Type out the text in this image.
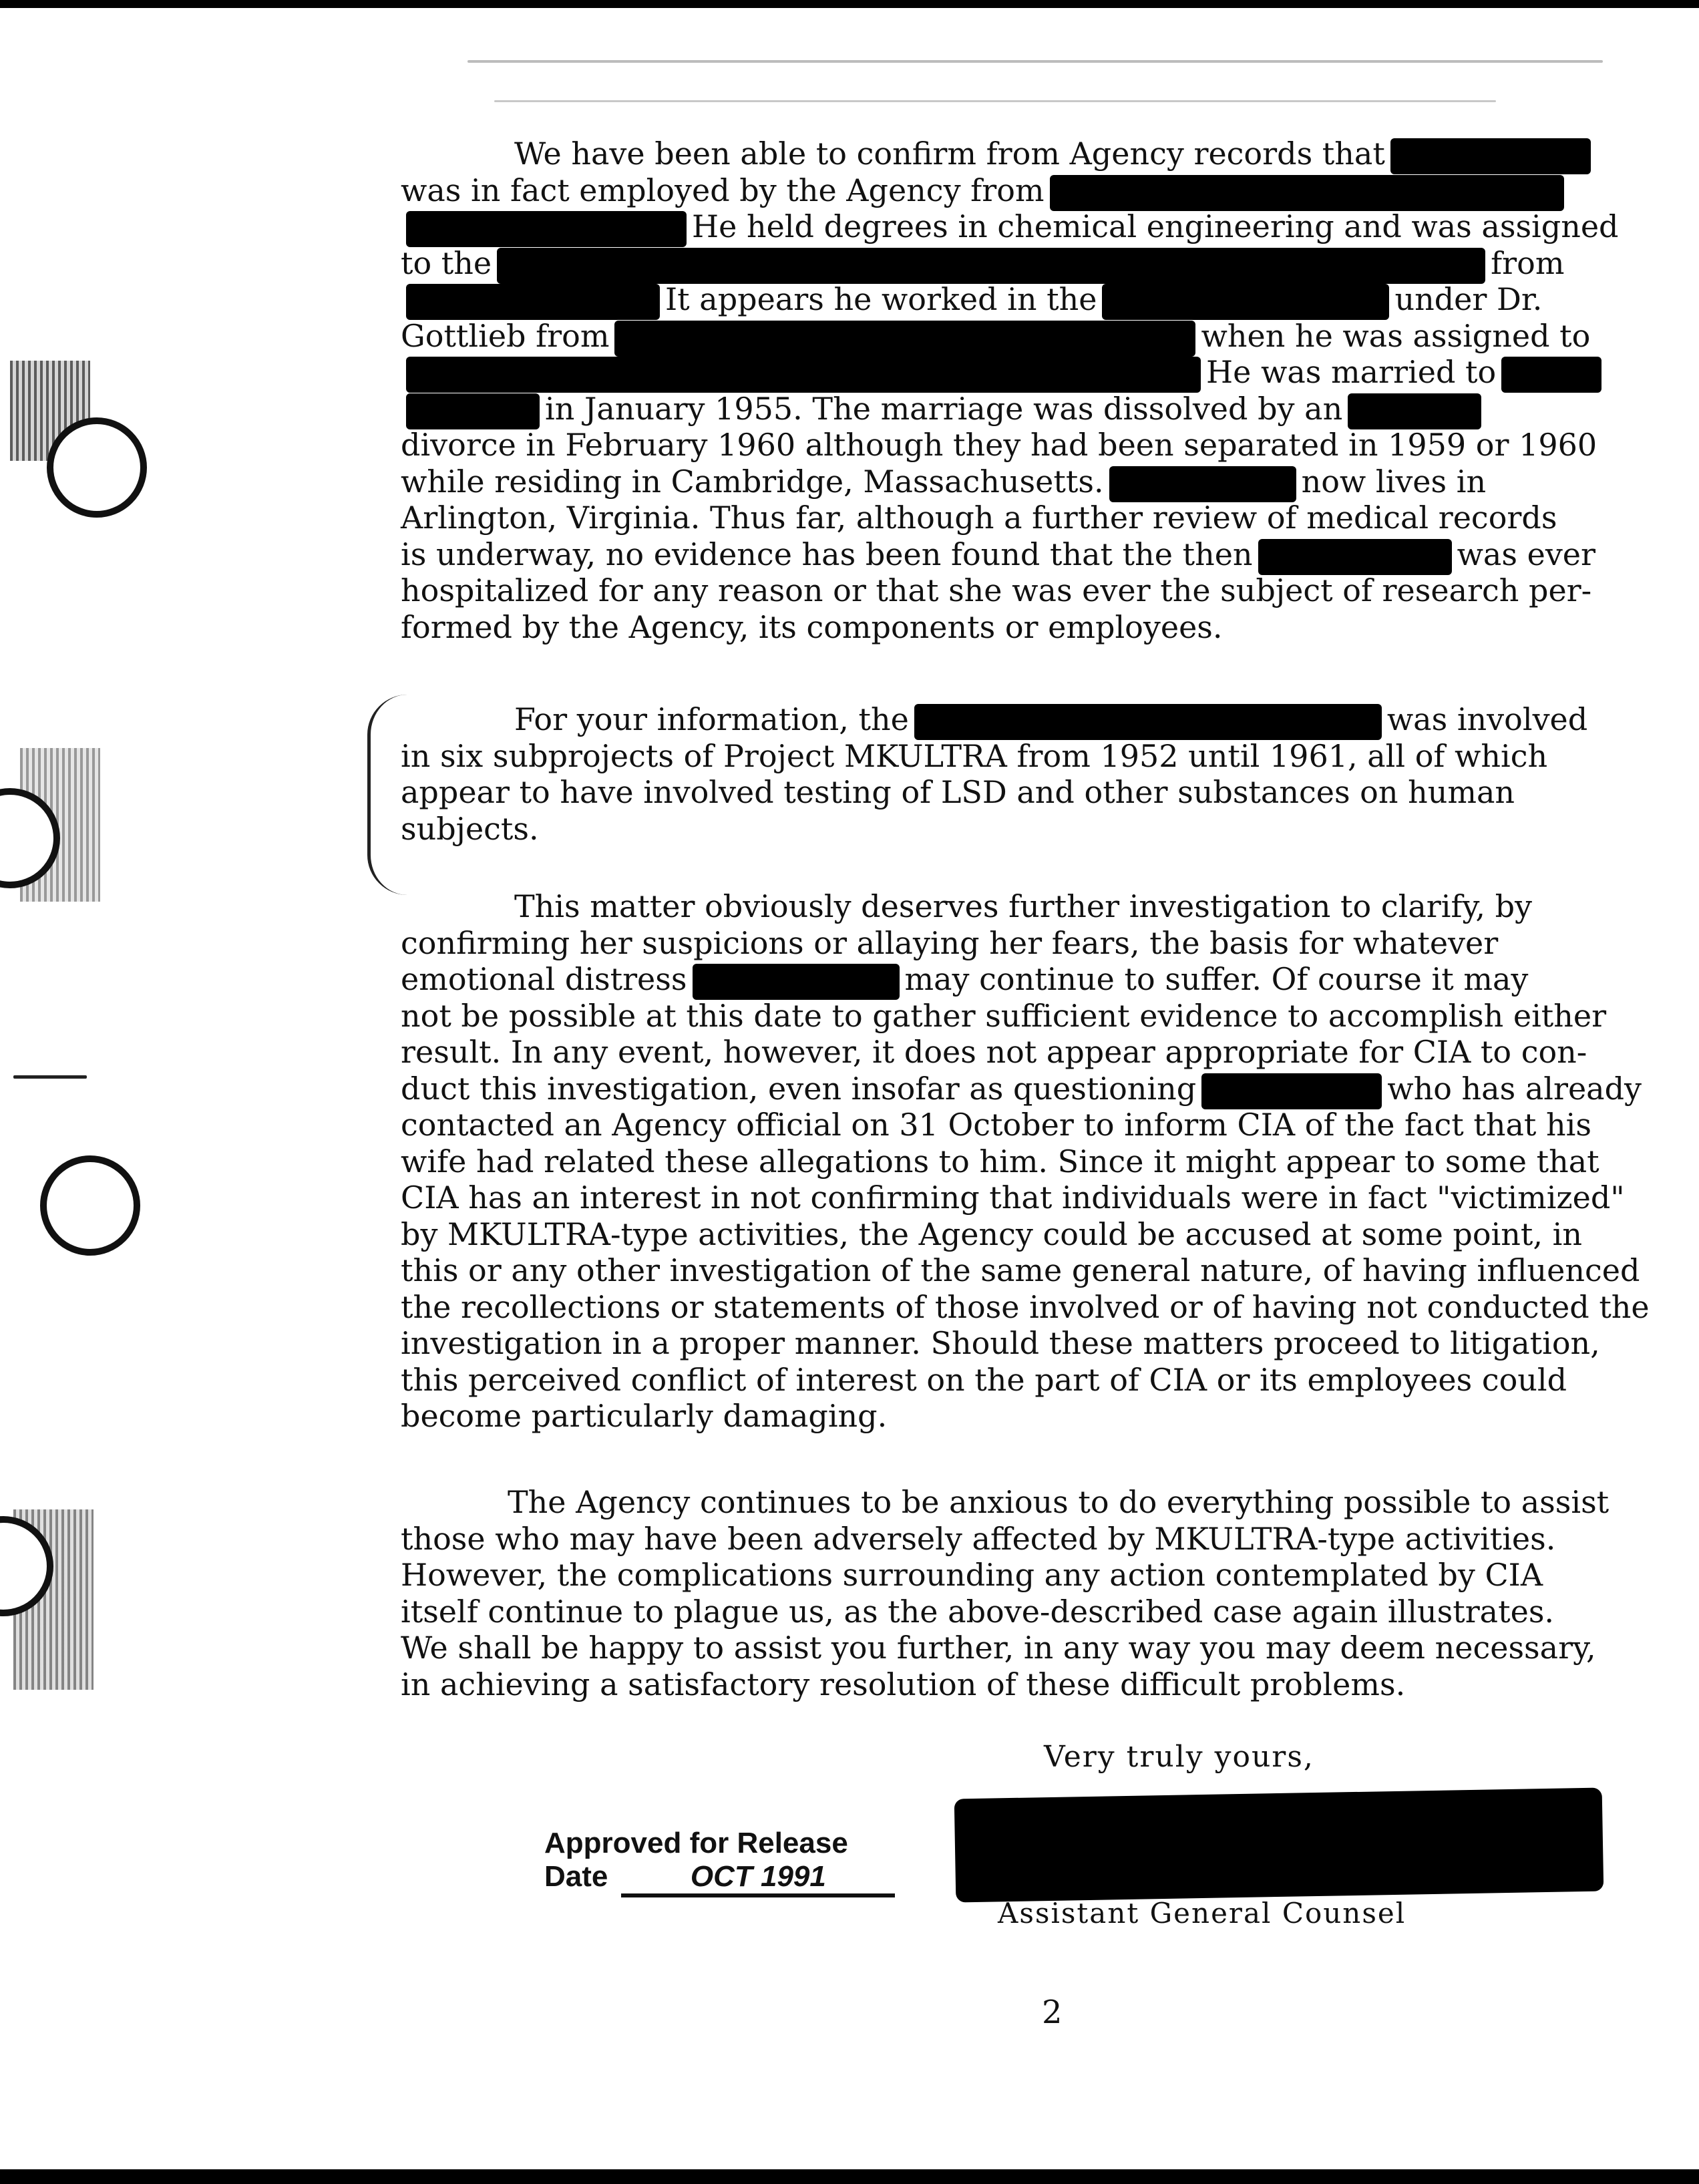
We have been able to confirm from Agency records that
was in fact employed by the Agency from
He held degrees in chemical engineering and was assigned
to the	from
It appears he worked in the	under Dr.
Gottlieb from	when he was assigned to
He was married to
in January 1955. The marriage was dissolved by an
divorce in February 1960 although they had been separated in 1959 or 1960
while residing in Cambridge, Massachusetts.	now lives in
Arlington, Virginia. Thus far, although a further review of medical records
is underway, no evidence has been found that the then	was ever
hospitalized for any reason or that she was ever the subject of research per-
formed by the Agency, its components or employees.
For your information, the	was involved
in six subprojects of Project MKULTRA from 1952 until 1961, all of which
appear to have involved testing of LSD and other substances on human
subjects.
This matter obviously deserves further investigation to clarify, by
confirming her suspicions or allaying her fears, the basis for whatever
emotional distress	may continue to suffer. Of course it may
not be possible at this date to gather sufficient evidence to accomplish either
result. In any event, however, it does not appear appropriate for CIA to con-
duct this investigation, even insofar as questioning	who has already
contacted an Agency official on 31 October to inform CIA of the fact that his
wife had related these allegations to him. Since it might appear to some that
CIA has an interest in not confirming that individuals were in fact "victimized"
by MKULTRA-type activities, the Agency could be accused at some point, in
this or any other investigation of the same general nature, of having influenced
the recollections or statements of those involved or of having not conducted the
investigation in a proper manner. Should these matters proceed to litigation,
this perceived conflict of interest on the part of CIA or its employees could
become particularly damaging.
The Agency continues to be anxious to do everything possible to assist
those who may have been adversely affected by MKULTRA-type activities.
However, the complications surrounding any action contemplated by CIA
itself continue to plague us, as the above-described case again illustrates.
We shall be happy to assist you further, in any way you may deem necessary,
in achieving a satisfactory resolution of these difficult problems.
Very truly yours,
Assistant General Counsel
Approved for Release
Date	OCT 1991
2
